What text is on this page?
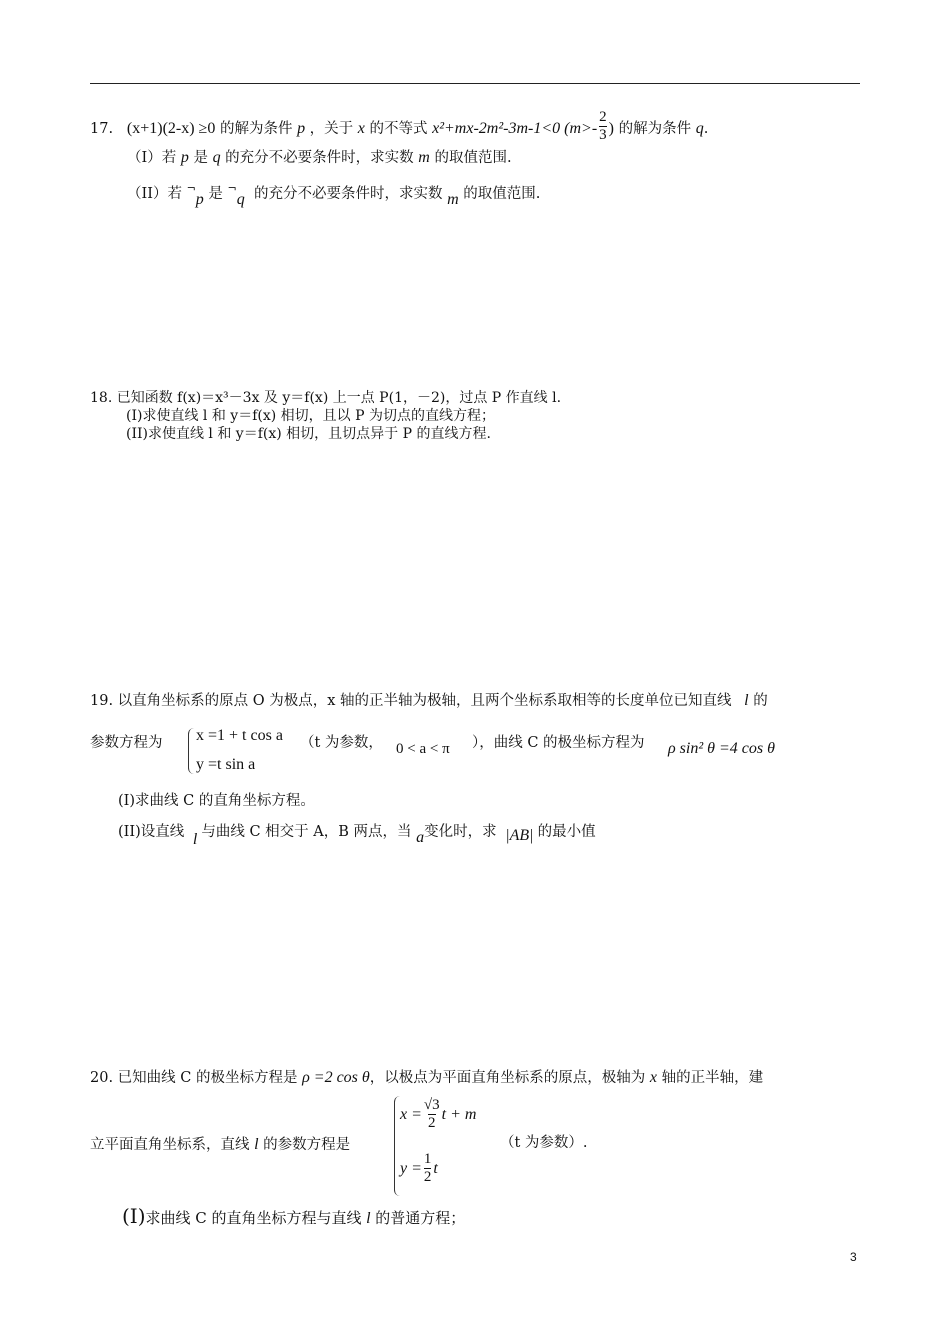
17. (x+1)(2-x) ≥0 的解为条件 p ，关于 x 的不等式 x²+mx-2m²-3m-1<0 ($m>- \frac{2}{3}$ ) 的解为条件 q.
（I）若 p 是 q 的充分不必要条件时，求实数 m 的取值范围.
（II）若 ¬p 是 ¬q 的充分不必要条件时，求实数 m 的取值范围.
18. 已知函数 f(x)＝x³－3x 及 y＝f(x) 上一点 P(1，－2)，过点 P 作直线 l.
(I)求使直线 l 和 y＝f(x) 相切，且以 P 为切点的直线方程；
(II)求使直线 l 和 y＝f(x) 相切，且切点异于 P 的直线方程.
19. 以直角坐标系的原点 O 为极点，x 轴的正半轴为极轴，且两个坐标系取相等的长度单位已知直线 l 的
参数方程为 x =1 + t cos a
y =t sin a
（t 为参数， 0 < a < π ），曲线 C 的极坐标方程为 ρ sin² θ =4 cos θ
(I)求曲线 C 的直角坐标方程。
(II)设直线 l 与曲线 C 相交于 A，B 两点，当 a变化时，求 |AB| 的最小值
20. 已知曲线 C 的极坐标方程是 ρ =2 cos θ，以极点为平面直角坐标系的原点，极轴为 x 轴的正半轴，建
立平面直角坐标系，直线 l 的参数方程是
$x = \frac{√3}{2}$ t + m
$y = \frac{1}{2}$ t
（t 为参数）.
(I)求曲线 C 的直角坐标方程与直线 l 的普通方程；
3
